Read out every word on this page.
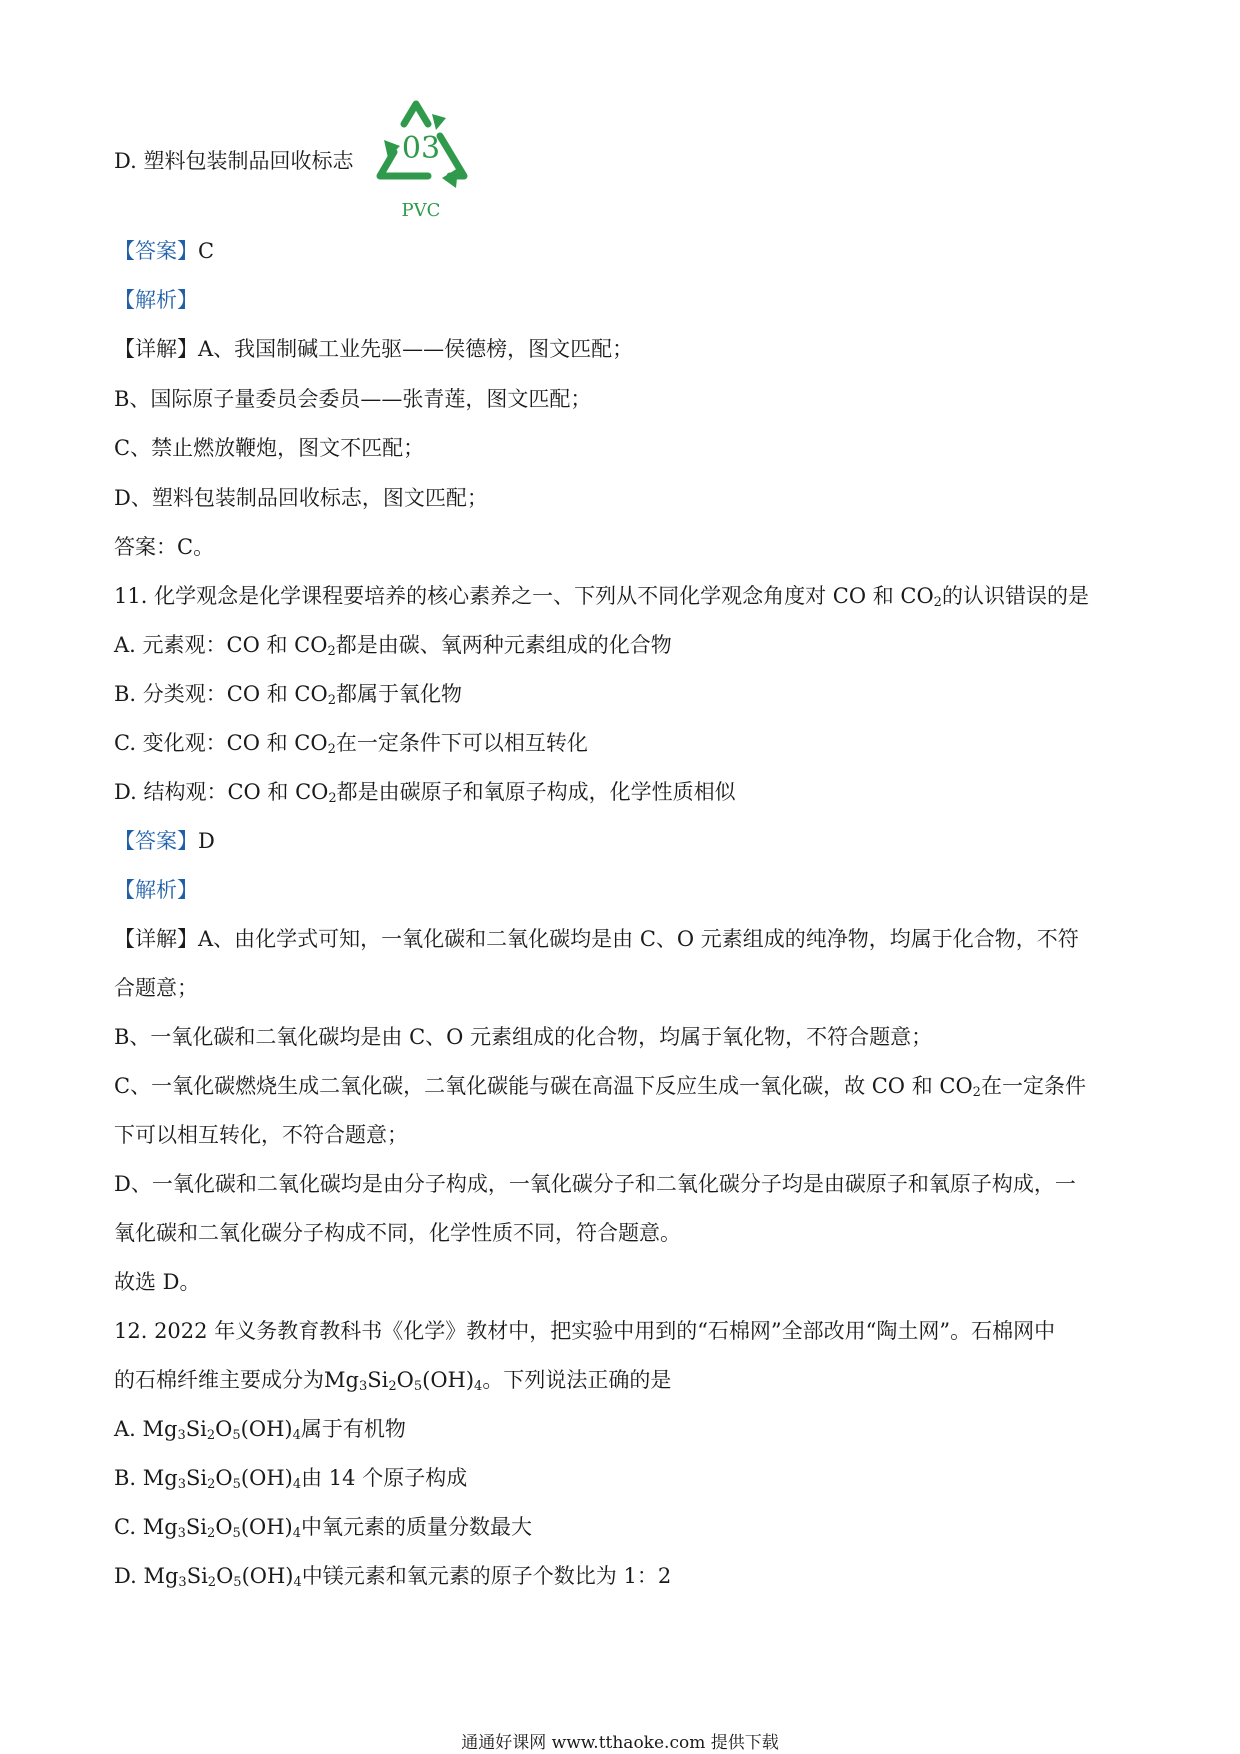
D. 塑料包装制品回收标志 03
PVC
【答案】C
【解析】
【详解】A、我国制碱工业先驱——侯德榜，图文匹配；
B、国际原子量委员会委员——张青莲，图文匹配；
C、禁止燃放鞭炮，图文不匹配；
D、塑料包装制品回收标志，图文匹配；
答案：C。
11. 化学观念是化学课程要培养的核心素养之一、下列从不同化学观念角度对 CO 和 $CO_2$的认识错误的是
A. 元素观：CO 和 $CO_2$都是由碳、氧两种元素组成的化合物
B. 分类观：CO 和 $CO_2$都属于氧化物
C. 变化观：CO 和 $CO_2$在一定条件下可以相互转化
D. 结构观：CO 和 $CO_2$都是由碳原子和氧原子构成，化学性质相似
【答案】D
【解析】
【详解】A、由化学式可知，一氧化碳和二氧化碳均是由 C、O 元素组成的纯净物，均属于化合物，不符
合题意；
B、一氧化碳和二氧化碳均是由 C、O 元素组成的化合物，均属于氧化物，不符合题意；
C、一氧化碳燃烧生成二氧化碳，二氧化碳能与碳在高温下反应生成一氧化碳，故 CO 和 $CO_2$在一定条件
下可以相互转化，不符合题意；
D、一氧化碳和二氧化碳均是由分子构成，一氧化碳分子和二氧化碳分子均是由碳原子和氧原子构成，一
氧化碳和二氧化碳分子构成不同，化学性质不同，符合题意。
故选 D。
12. 2022 年义务教育教科书《化学》教材中，把实验中用到的“石棉网”全部改用“陶土网”。石棉网中
的石棉纤维主要成分为$Mg_3Si_2O_5(OH)_4$。下列说法正确的是
A. $Mg_3Si_2O_5(OH)_4$属于有机物
B. $Mg_3Si_2O_5(OH)_4$由 14 个原子构成
C. $Mg_3Si_2O_5(OH)_4$中氧元素的质量分数最大
D. $Mg_3Si_2O_5(OH)_4$中镁元素和氧元素的原子个数比为 1：2
通通好课网 www.tthaoke.com 提供下载
